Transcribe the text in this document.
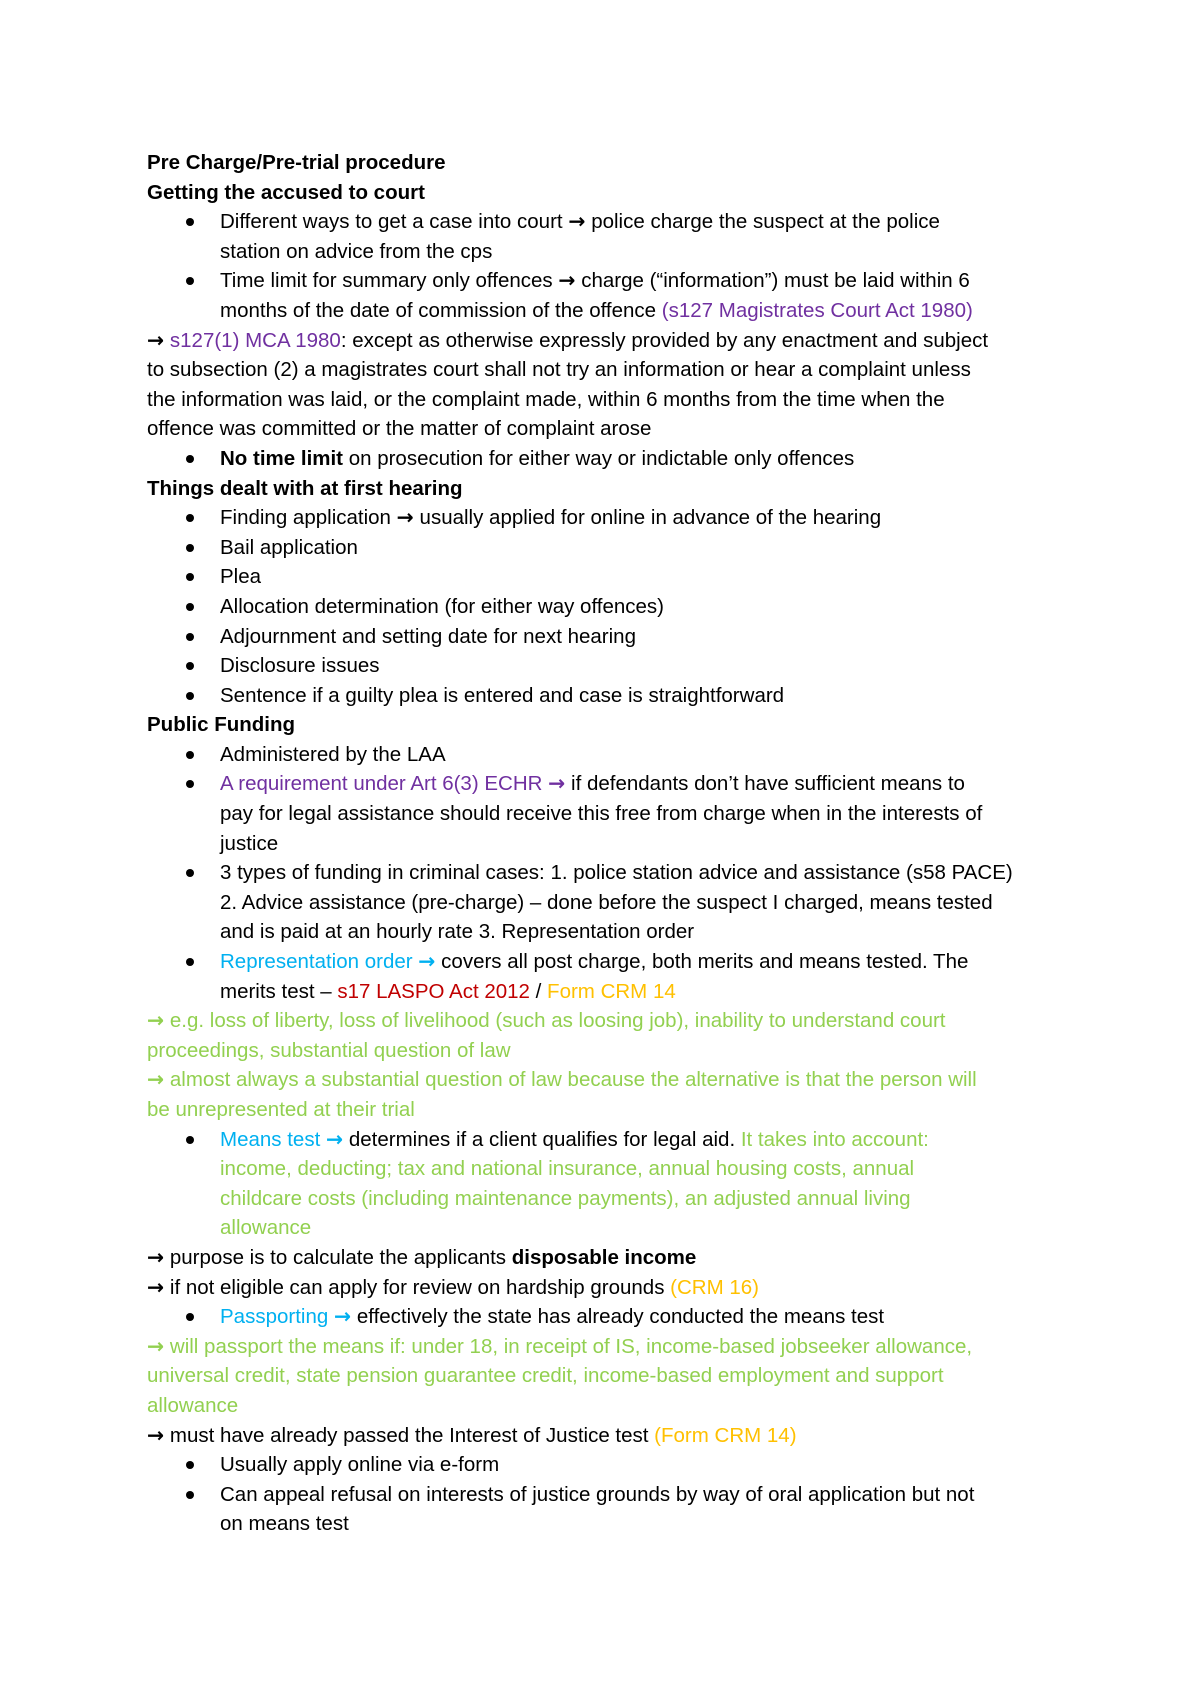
Pre Charge/Pre-trial procedure
Getting the accused to court
Different ways to get a case into court → police charge the suspect at the police
station on advice from the cps
Time limit for summary only offences → charge (“information”) must be laid within 6
months of the date of commission of the offence (s127 Magistrates Court Act 1980)
→ s127(1) MCA 1980: except as otherwise expressly provided by any enactment and subject
to subsection (2) a magistrates court shall not try an information or hear a complaint unless
the information was laid, or the complaint made, within 6 months from the time when the
offence was committed or the matter of complaint arose
No time limit on prosecution for either way or indictable only offences
Things dealt with at first hearing
Finding application → usually applied for online in advance of the hearing
Bail application
Plea
Allocation determination (for either way offences)
Adjournment and setting date for next hearing
Disclosure issues
Sentence if a guilty plea is entered and case is straightforward
Public Funding
Administered by the LAA
A requirement under Art 6(3) ECHR → if defendants don’t have sufficient means to
pay for legal assistance should receive this free from charge when in the interests of
justice
3 types of funding in criminal cases: 1. police station advice and assistance (s58 PACE)
2. Advice assistance (pre-charge) – done before the suspect I charged, means tested
and is paid at an hourly rate 3. Representation order
Representation order → covers all post charge, both merits and means tested. The
merits test – s17 LASPO Act 2012 / Form CRM 14
→ e.g. loss of liberty, loss of livelihood (such as loosing job), inability to understand court
proceedings, substantial question of law
→ almost always a substantial question of law because the alternative is that the person will
be unrepresented at their trial
Means test → determines if a client qualifies for legal aid. It takes into account:
income, deducting; tax and national insurance, annual housing costs, annual
childcare costs (including maintenance payments), an adjusted annual living
allowance
→ purpose is to calculate the applicants disposable income
→ if not eligible can apply for review on hardship grounds (CRM 16)
Passporting → effectively the state has already conducted the means test
→ will passport the means if: under 18, in receipt of IS, income-based jobseeker allowance,
universal credit, state pension guarantee credit, income-based employment and support
allowance
→ must have already passed the Interest of Justice test (Form CRM 14)
Usually apply online via e-form
Can appeal refusal on interests of justice grounds by way of oral application but not
on means test
